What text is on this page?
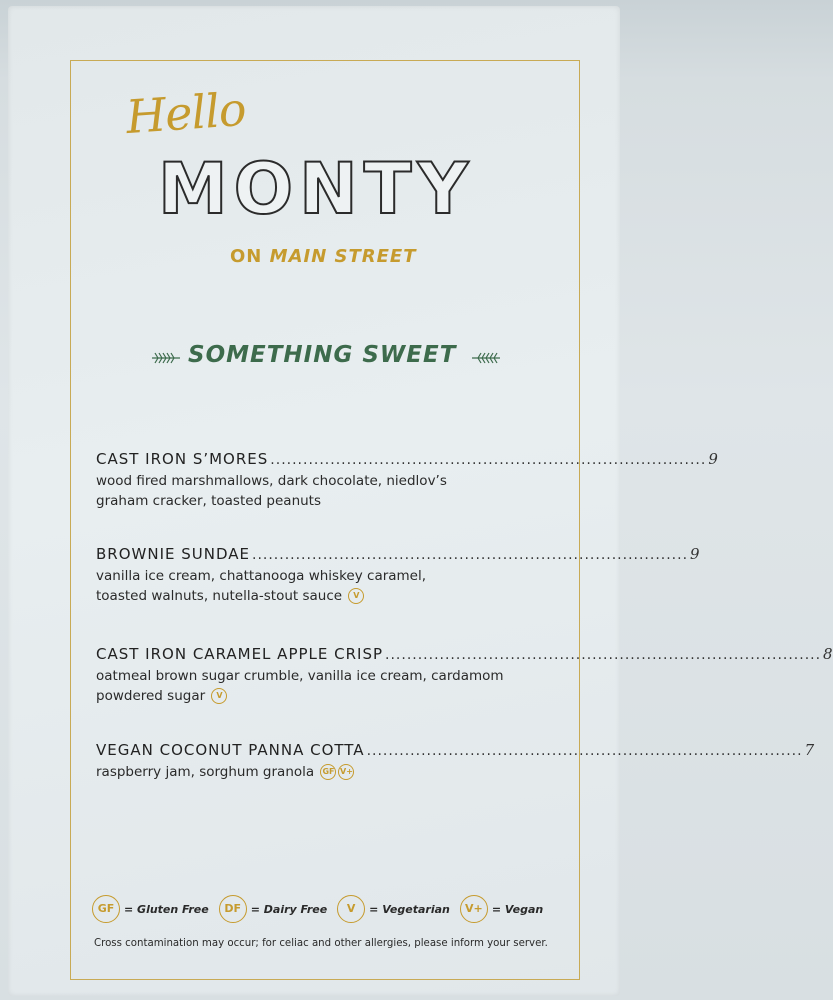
Hello
MONTY
ON MAIN STREET
SOMETHING SWEET
CAST IRON S’MORES ................................................................................ 9
wood fired marshmallows, dark chocolate, niedlov’s
graham cracker, toasted peanuts
BROWNIE SUNDAE ................................................................................ 9
vanilla ice cream, chattanooga whiskey caramel,
toasted walnuts, nutella-stout sauce V
CAST IRON CARAMEL APPLE CRISP ................................................................................ 8
oatmeal brown sugar crumble, vanilla ice cream, cardamom
powdered sugar V
VEGAN COCONUT PANNA COTTA ................................................................................ 7
raspberry jam, sorghum granola GF V+
GF = Gluten Free	DF = Dairy Free	V	= Vegetarian	V+ = Vegan
Cross contamination may occur; for celiac and other allergies, please inform your server.
